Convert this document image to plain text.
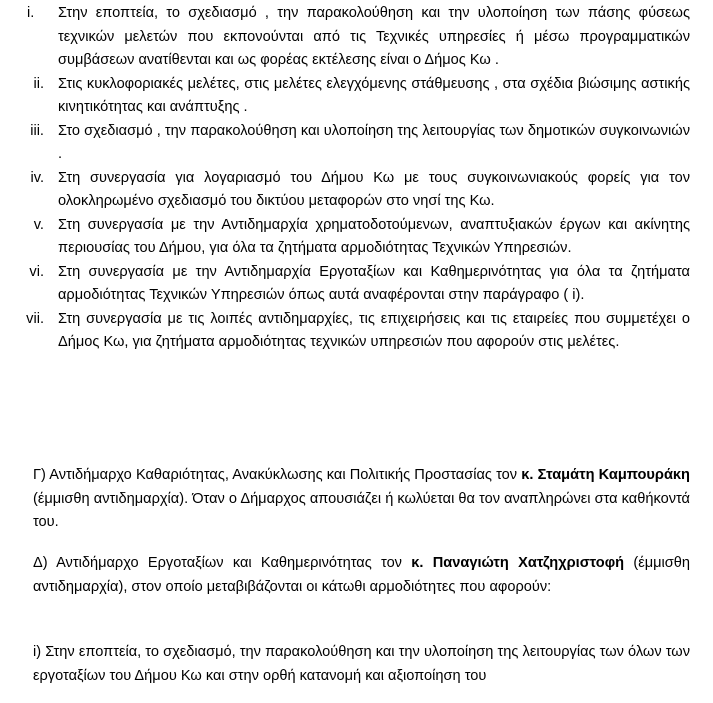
i.	Στην εποπτεία, το σχεδιασμό , την παρακολούθηση και την υλοποίηση των πάσης φύσεως τεχνικών μελετών που εκπονούνται από τις Τεχνικές υπηρεσίες ή μέσω προγραμματικών συμβάσεων ανατίθενται και ως φορέας εκτέλεσης είναι ο Δήμος Κω .
ii. Στις κυκλοφοριακές μελέτες, στις μελέτες ελεγχόμενης στάθμευσης , στα σχέδια βιώσιμης αστικής κινητικότητας και ανάπτυξης .
iii. Στο σχεδιασμό , την παρακολούθηση και υλοποίηση της λειτουργίας των δημοτικών συγκοινωνιών .
iv. Στη συνεργασία για λογαριασμό του Δήμου Κω με τους συγκοινωνιακούς φορείς για τον ολοκληρωμένο σχεδιασμό του δικτύου μεταφορών στο νησί της Κω.
v. Στη συνεργασία με την Αντιδημαρχία χρηματοδοτούμενων, αναπτυξιακών έργων και ακίνητης περιουσίας του Δήμου, για όλα τα ζητήματα αρμοδιότητας Τεχνικών Υπηρεσιών.
vi. Στη συνεργασία με την Αντιδημαρχία Εργοταξίων και Καθημερινότητας για όλα τα ζητήματα αρμοδιότητας Τεχνικών Υπηρεσιών όπως αυτά αναφέρονται στην παράγραφο ( i).
vii. Στη συνεργασία με τις λοιπές αντιδημαρχίες, τις επιχειρήσεις και τις εταιρείες που συμμετέχει ο Δήμος Κω, για ζητήματα αρμοδιότητας τεχνικών υπηρεσιών που αφορούν στις μελέτες.

Γ) Αντιδήμαρχο Καθαριότητας, Ανακύκλωσης και Πολιτικής Προστασίας τον κ. Σταμάτη Καμπουράκη (έμμισθη αντιδημαρχία). Όταν ο Δήμαρχος απουσιάζει ή κωλύεται θα τον αναπληρώνει στα καθήκοντά του.

Δ) Αντιδήμαρχο Εργοταξίων και Καθημερινότητας τον κ. Παναγιώτη Χατζηχριστοφή (έμμισθη αντιδημαρχία), στον οποίο μεταβιβάζονται οι κάτωθι αρμοδιότητες που αφορούν:

i) Στην εποπτεία, το σχεδιασμό, την παρακολούθηση και την υλοποίηση της λειτουργίας των όλων των εργοταξίων του Δήμου Κω και στην ορθή κατανομή και αξιοποίηση του
